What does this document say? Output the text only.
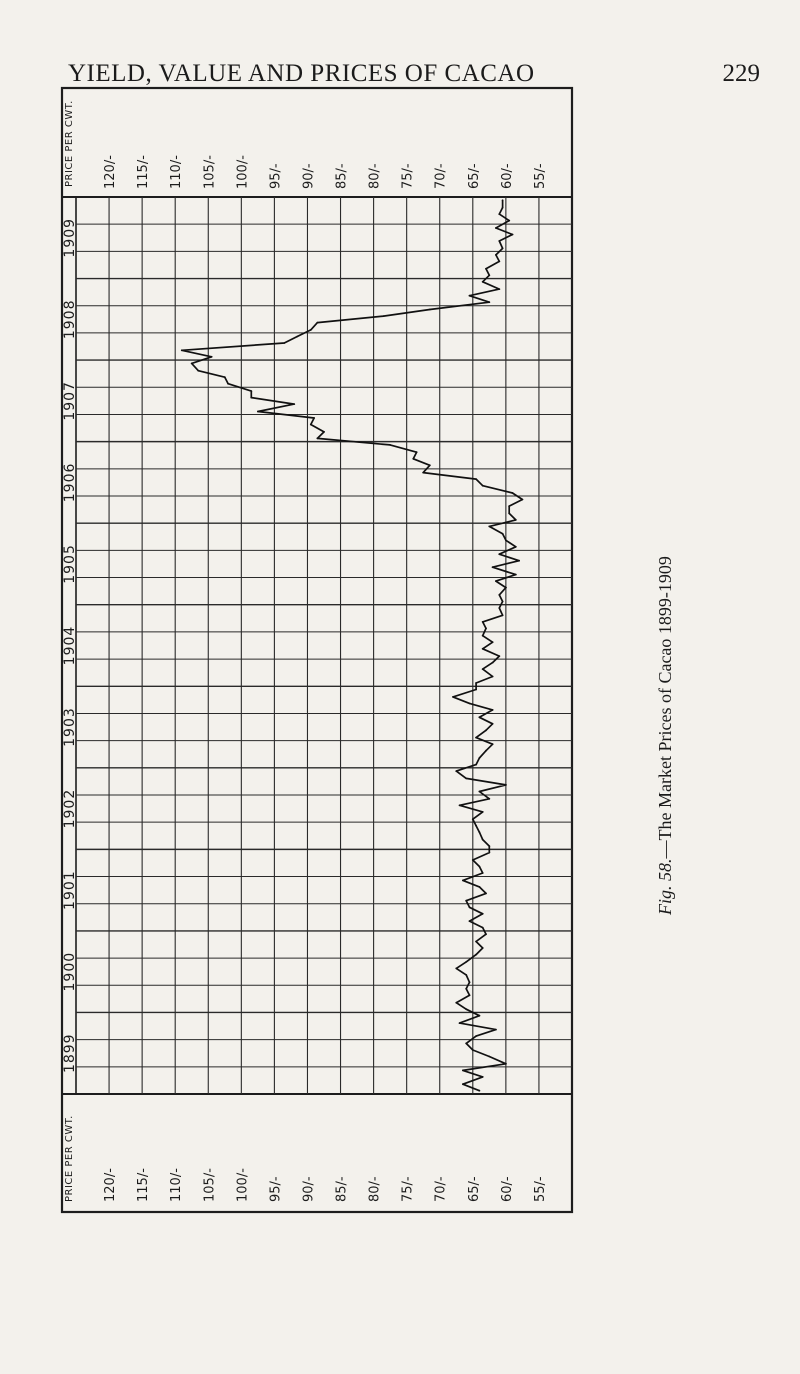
YIELD, VALUE AND PRICES OF CACAO	229
120/- 115/- 110/- 105/- 100/- 95/- 90/- 85/- 80/- 75/- 70/- 65/- 60/- 55/-
120/- 115/- 110/- 105/- 100/- 95/- 90/- 85/- 80/- 75/- 70/- 65/- 60/- 55/-
PRICE PER CWT.
PRICE PER CWT.
1909
1908
1907
1906
1905
1904
1903
1902
1901
1900
1899
Fig. 58.—The Market Prices of Cacao 1899-1909
